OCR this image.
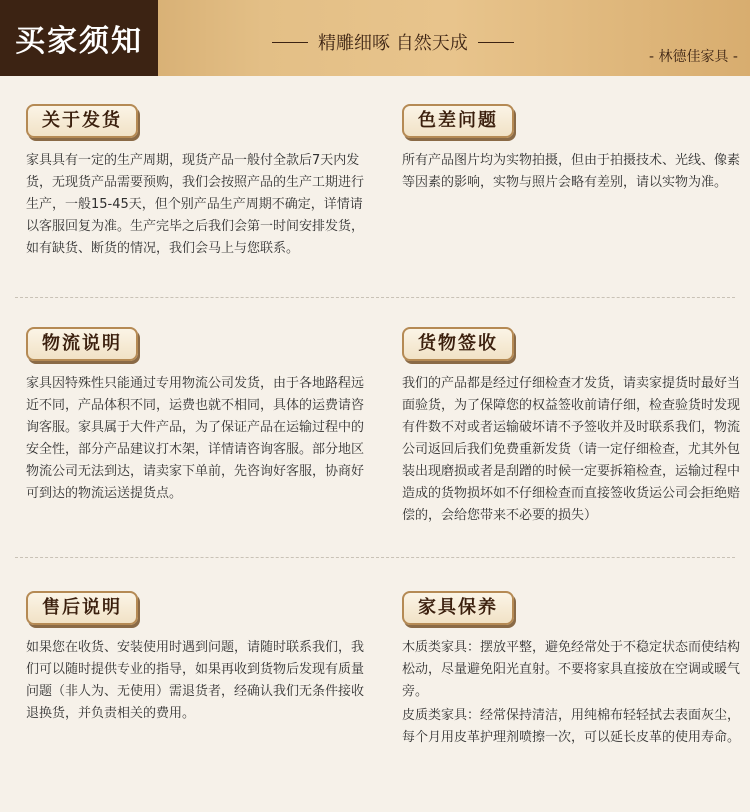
买家须知	精雕细啄 自然天成
- 林德佳家具 -
关于发货
家具具有一定的生产周期，现货产品一般付全款后7天内发货，无现货产品需要预购，我们会按照产品的生产工期进行生产，一般15-45天，但个别产品生产周期不确定，详情请以客服回复为准。生产完毕之后我们会第一时间安排发货，如有缺货、断货的情况，我们会马上与您联系。
色差问题
所有产品图片均为实物拍摄，但由于拍摄技术、光线、像素等因素的影响，实物与照片会略有差别，请以实物为准。
物流说明
家具因特殊性只能通过专用物流公司发货，由于各地路程远近不同，产品体积不同，运费也就不相同，具体的运费请咨询客服。家具属于大件产品，为了保证产品在运输过程中的安全性，部分产品建议打木架，详情请咨询客服。部分地区物流公司无法到达，请卖家下单前，先咨询好客服，协商好可到达的物流运送提货点。
货物签收
我们的产品都是经过仔细检查才发货，请卖家提货时最好当面验货，为了保障您的权益签收前请仔细，检查验货时发现有件数不对或者运输破坏请不予签收并及时联系我们，物流公司返回后我们免费重新发货（请一定仔细检查，尤其外包装出现磨损或者是刮蹭的时候一定要拆箱检查，运输过程中造成的货物损坏如不仔细检查而直接签收货运公司会拒绝赔偿的，会给您带来不必要的损失）
售后说明
如果您在收货、安装使用时遇到问题，请随时联系我们，我们可以随时提供专业的指导，如果再收到货物后发现有质量问题（非人为、无使用）需退货者，经确认我们无条件接收退换货，并负责相关的费用。
家具保养
木质类家具：摆放平整，避免经常处于不稳定状态而使结构松动，尽量避免阳光直射。不要将家具直接放在空调或暖气旁。
皮质类家具：经常保持清洁，用纯棉布轻轻拭去表面灰尘，每个月用皮革护理剂喷擦一次，可以延长皮革的使用寿命。
